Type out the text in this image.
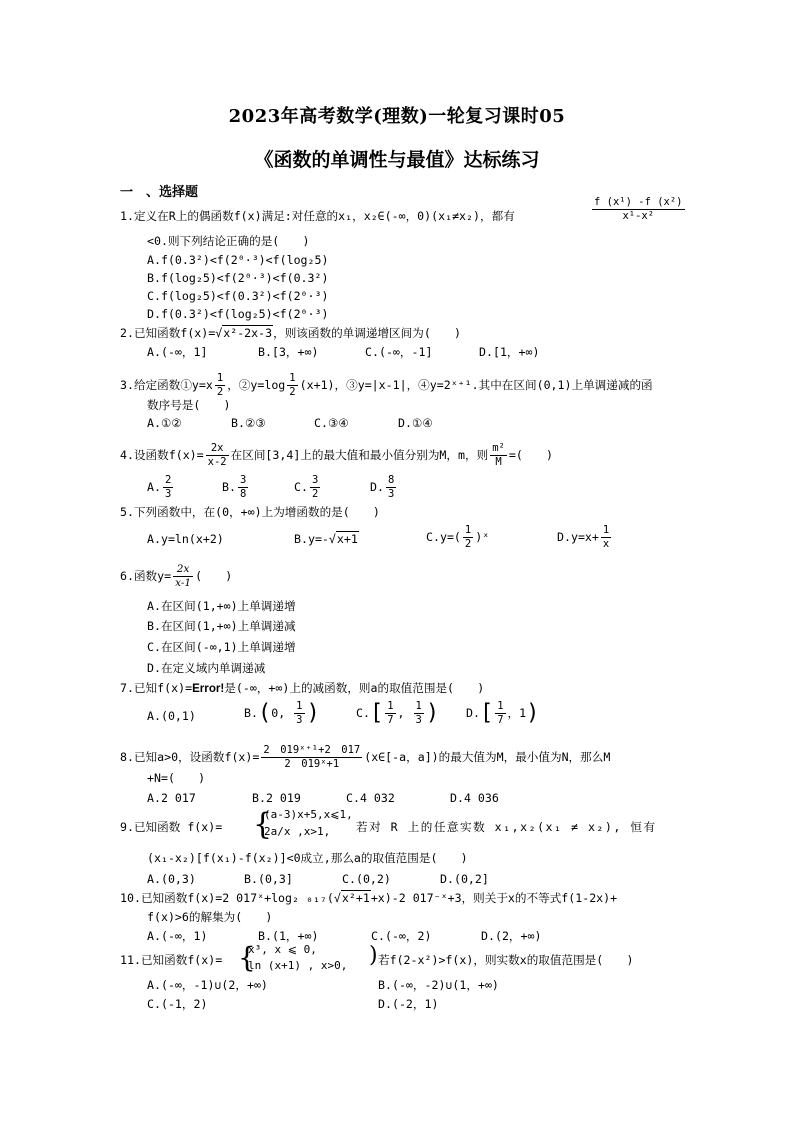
2023年高考数学(理数)一轮复习课时05
《函数的单调性与最值》达标练习
一　、选择题
1.定义在R上的偶函数f(x)满足:对任意的x₁，x₂∈(-∞，0)(x₁≠x₂)，都有	$\frac{\text{f (x¹) -f (x²)}}{\text{x¹-x²}}$
<0.则下列结论正确的是(　　)
A.f(0.3²)<f(2⁰·³)<f(log₂5)
B.f(log₂5)<f(2⁰·³)<f(0.3²)
C.f(log₂5)<f(0.3²)<f(2⁰·³)
D.f(0.3²)<f(log₂5)<f(2⁰·³)
2.已知函数f(x)=√x²-2x-3，则该函数的单调递增区间为(　　)
A.(-∞，1]	B.[3，+∞)	C.(-∞，-1]	D.[1，+∞)
3.给定函数①y=x $\frac{1}{2}$ ，②y=log $\frac{1}{2} (x+1)$，③y=|x-1|，④y=2ˣ⁺¹.其中在区间(0,1)上单调递减的函
数序号是(　　)
A.①②	B.②③	C.③④	D.①④
4.设函数$f(x)= \frac{2x}{x-2}$ 在区间[3,4]上的最大值和最小值分别为M，m，则 $\frac{\text{m²}}{M}$ =(　　)
A. $\frac{2}{3}$	B. $\frac{3}{8}$	C. $\frac{3}{2}$	D. $\frac{8}{3}$
5.下列函数中，在(0，+∞)上为增函数的是(　　)
A.y=ln(x+2)	B.y=-√x+1	$C.y=( \frac{1}{2}$ )ˣ	$D.y=x+ \frac{1}{x}$
6.函数$y= \frac{2x}{x-1}$ (　　)
A.在区间(1,+∞)上单调递增
B.在区间(1,+∞)上单调递减
C.在区间(-∞,1)上单调递增
D.在定义域内单调递减
7.已知f(x)=Error!是(-∞，+∞)上的减函数，则a的取值范围是(　　)
A.(0,1)	B.(0, $\frac{1}{3}$ )	$C.[ \frac{1}{7}$ , $\frac{1}{3}$ ) $D.[ \frac{1}{7}$ ，1)
8.已知a>0，设函数$f(x)= \frac{\text{2　019ˣ⁺¹+2　017}}{\text{2　019ˣ+1}}$ (x∈[-a，a])的最大值为M，最小值为N，那么M
+N=(　　)
A.2 017	B.2 019	C.4 032	D.4 036
9.已知函数 f(x)= {
(a-3)x+5,x⩽1,
2a/x ,x>1, 若对 R 上的任意实数 x₁,x₂(x₁ ≠ x₂), 恒有
(x₁-x₂)[f(x₁)-f(x₂)]<0成立,那么a的取值范围是(　　)
A.(0,3)	B.(0,3]	C.(0,2)	D.(0,2]
10.已知函数f(x)=2 017ˣ+log₂ ₀₁₇(√x²+1+x)-2 017⁻ˣ+3，则关于x的不等式f(1-2x)+
f(x)>6的解集为(　　)
A.(-∞，1)	B.(1，+∞)	C.(-∞，2)	D.(2，+∞)
11.已知函数f(x)= {
x³, x ⩽ 0,
ln (x+1) , x>0, ) 若f(2-x²)>f(x)，则实数x的取值范围是(　　)
A.(-∞，-1)∪(2，+∞)	B.(-∞，-2)∪(1，+∞)
C.(-1，2)	D.(-2，1)
